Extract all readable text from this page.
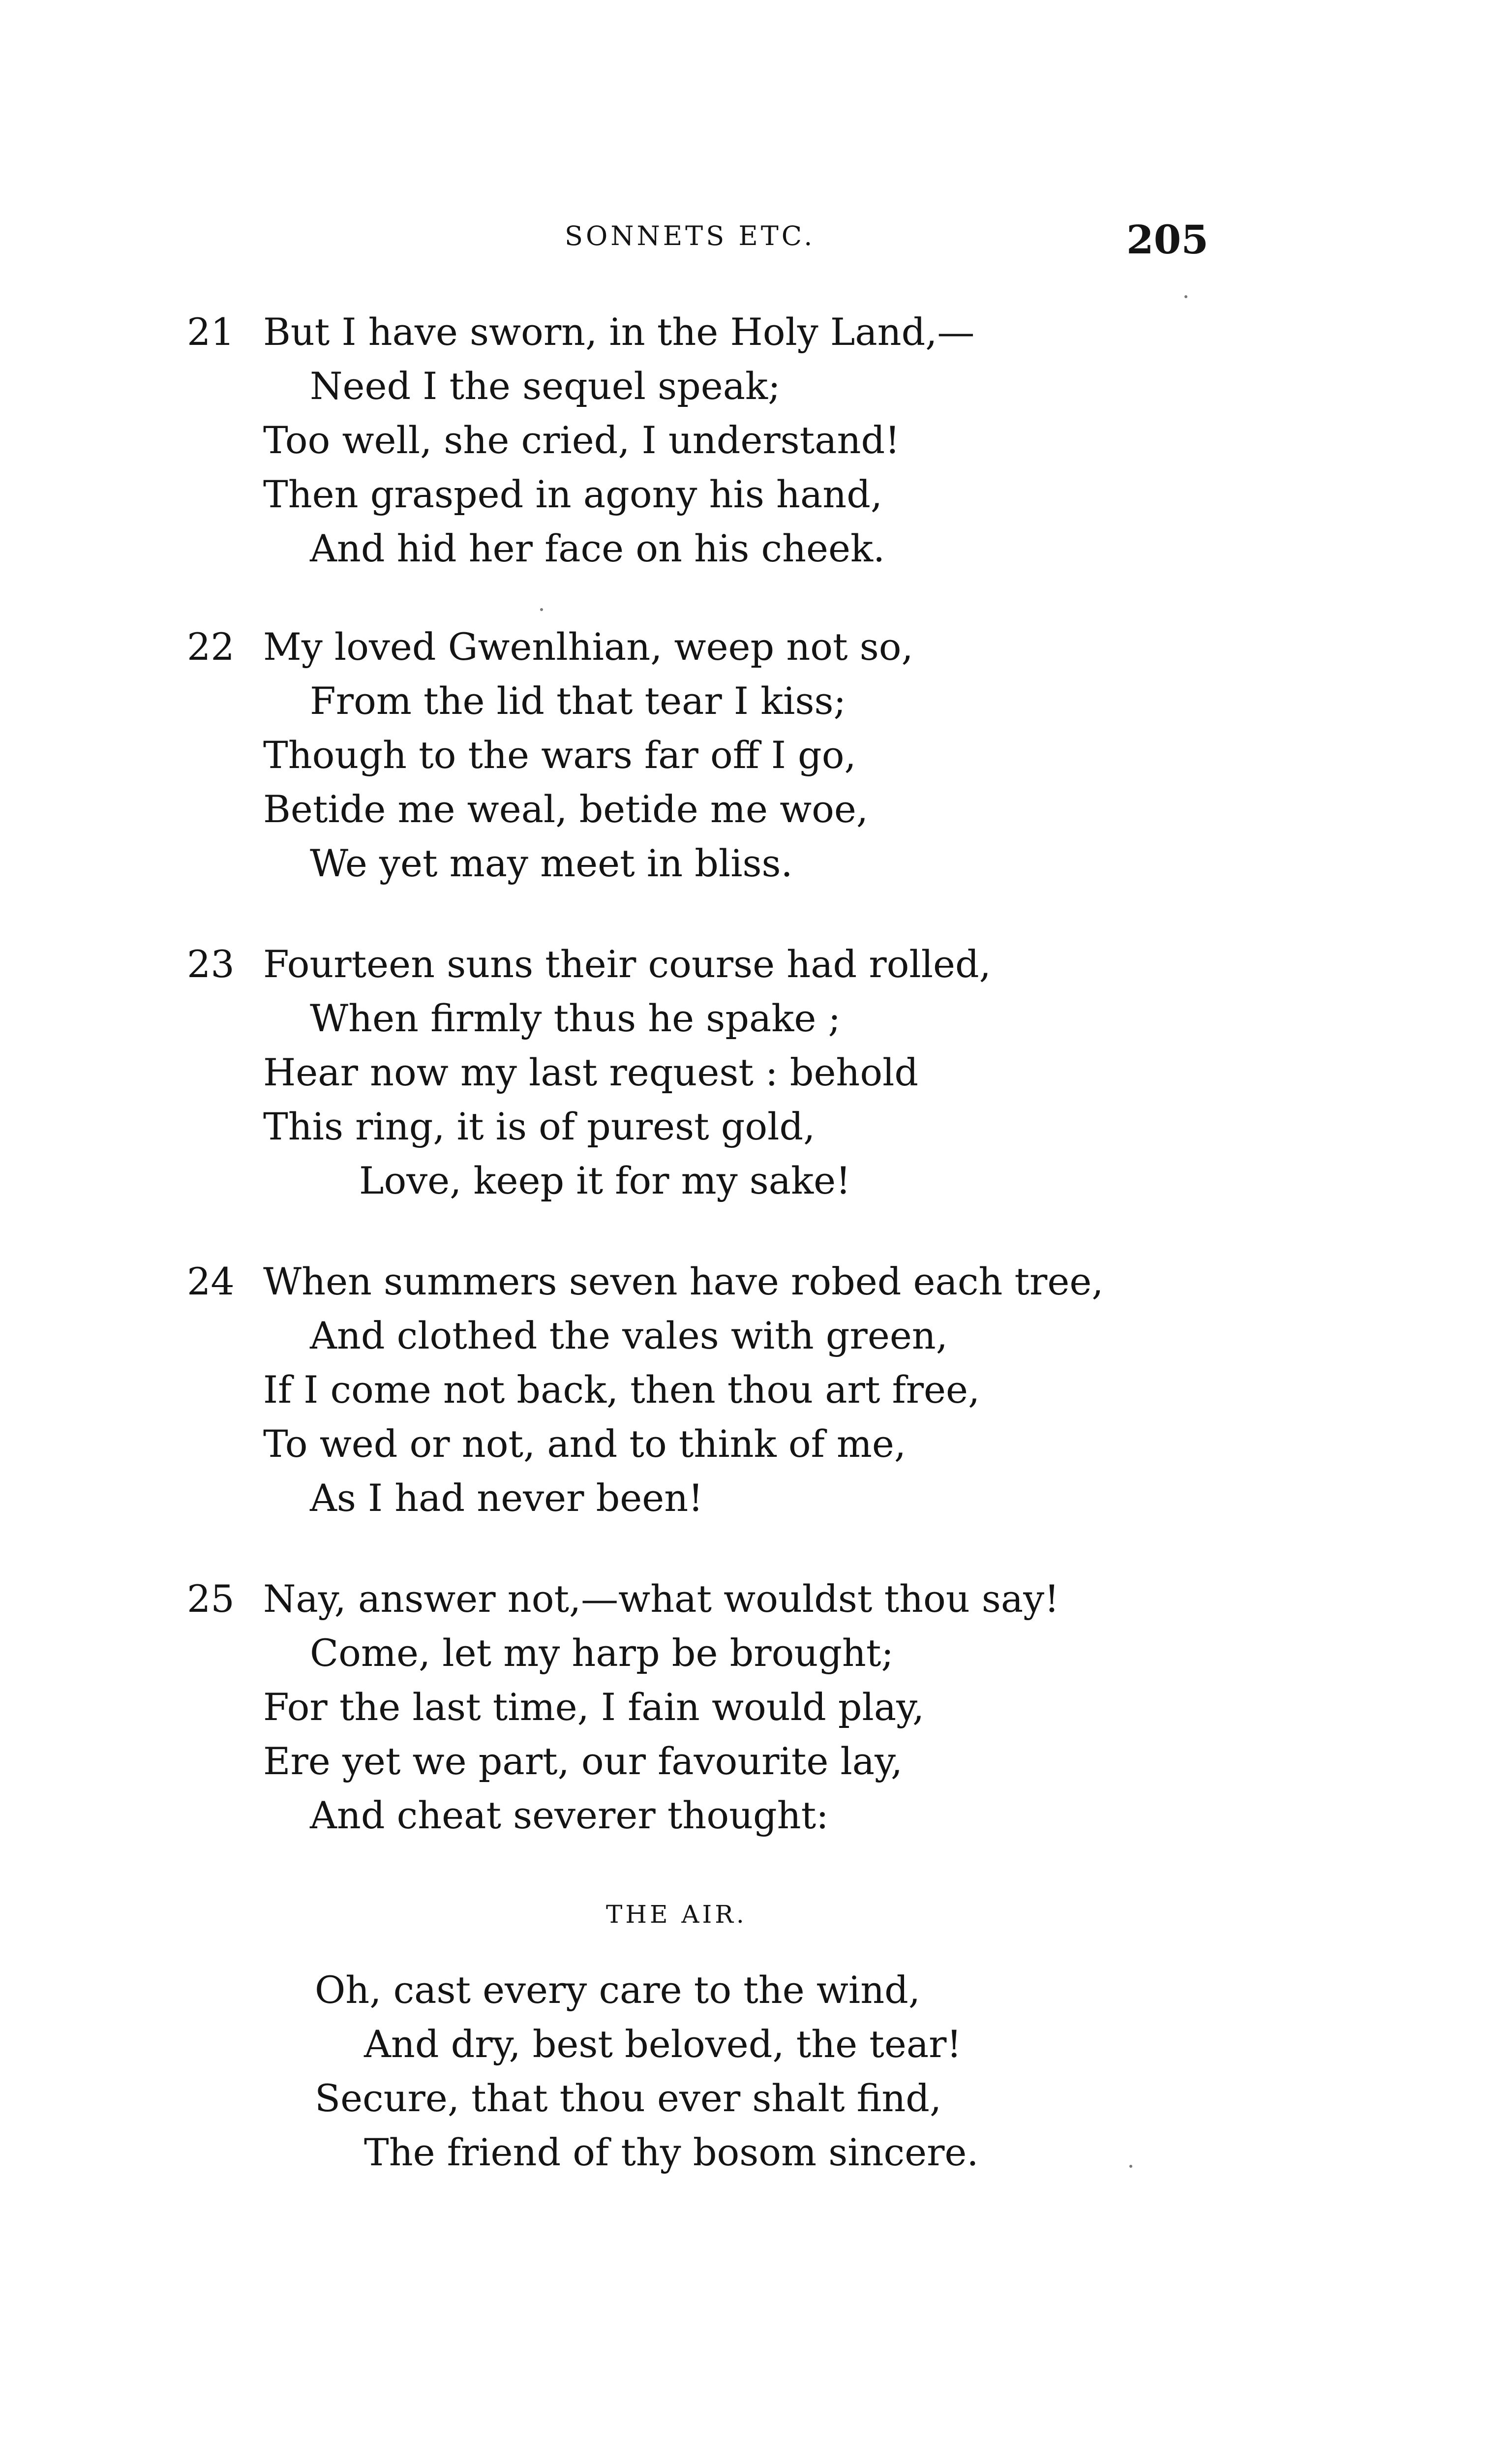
SONNETS ETC.	205
21 But I have sworn, in the Holy Land,—
Need I the sequel speak;
Too well, she cried, I understand!
Then grasped in agony his hand,
And hid her face on his cheek.
22 My loved Gwenlhian, weep not so,
From the lid that tear I kiss;
Though to the wars far off I go,
Betide me weal, betide me woe,
We yet may meet in bliss.
23 Fourteen suns their course had rolled,
When firmly thus he spake ;
Hear now my last request : behold
This ring, it is of purest gold,
Love, keep it for my sake!
24 When summers seven have robed each tree,
And clothed the vales with green,
If I come not back, then thou art free,
To wed or not, and to think of me,
As I had never been!
25 Nay, answer not,—what wouldst thou say!
Come, let my harp be brought;
For the last time, I fain would play,
Ere yet we part, our favourite lay,
And cheat severer thought:
THE AIR.
Oh, cast every care to the wind,
And dry, best beloved, the tear!
Secure, that thou ever shalt find,
The friend of thy bosom sincere.
